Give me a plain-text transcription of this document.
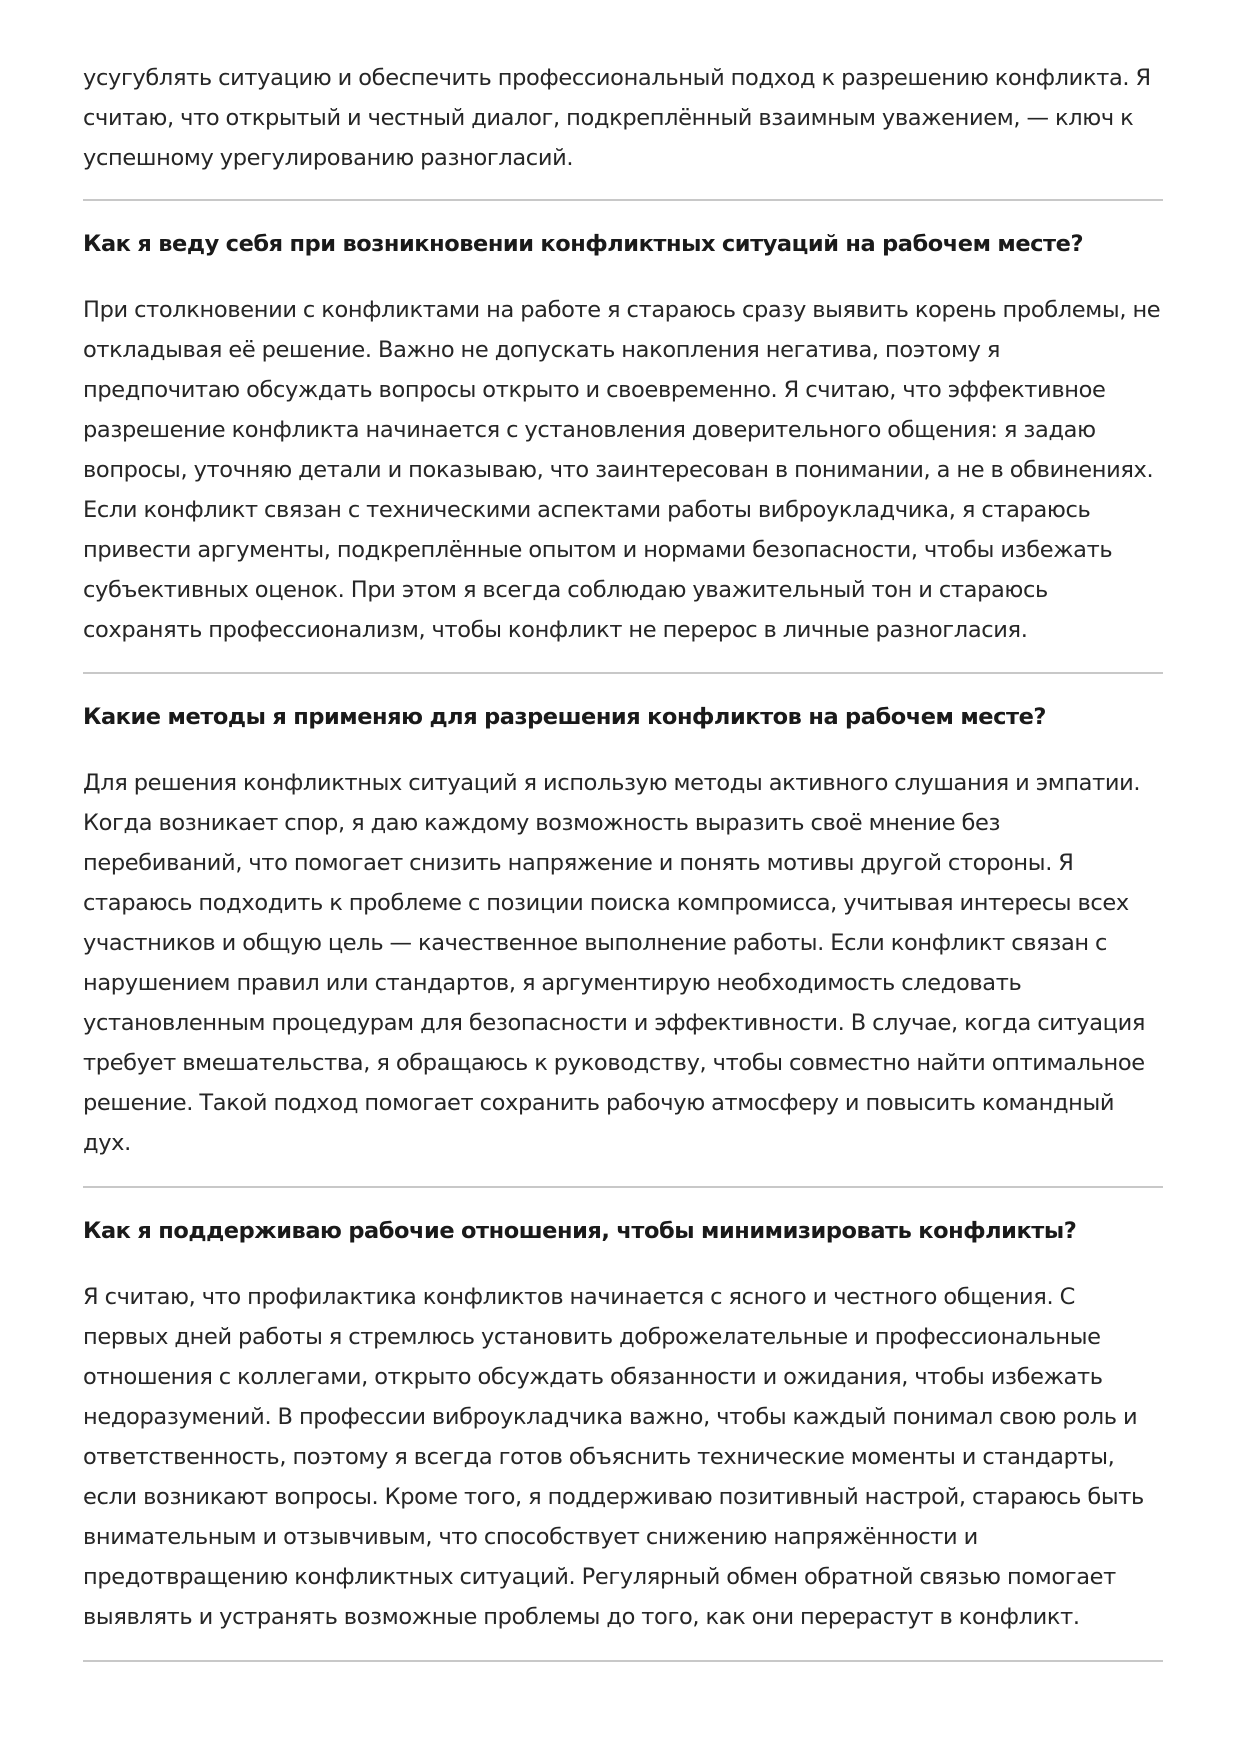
усугублять ситуацию и обеспечить профессиональный подход к разрешению конфликта. Я считаю, что открытый и честный диалог, подкреплённый взаимным уважением, — ключ к успешному урегулированию разногласий.

Как я веду себя при возникновении конфликтных ситуаций на рабочем месте?

При столкновении с конфликтами на работе я стараюсь сразу выявить корень проблемы, не откладывая её решение. Важно не допускать накопления негатива, поэтому я предпочитаю обсуждать вопросы открыто и своевременно. Я считаю, что эффективное разрешение конфликта начинается с установления доверительного общения: я задаю вопросы, уточняю детали и показываю, что заинтересован в понимании, а не в обвинениях. Если конфликт связан с техническими аспектами работы виброукладчика, я стараюсь привести аргументы, подкреплённые опытом и нормами безопасности, чтобы избежать субъективных оценок. При этом я всегда соблюдаю уважительный тон и стараюсь сохранять профессионализм, чтобы конфликт не перерос в личные разногласия.

Какие методы я применяю для разрешения конфликтов на рабочем месте?

Для решения конфликтных ситуаций я использую методы активного слушания и эмпатии. Когда возникает спор, я даю каждому возможность выразить своё мнение без перебиваний, что помогает снизить напряжение и понять мотивы другой стороны. Я стараюсь подходить к проблеме с позиции поиска компромисса, учитывая интересы всех участников и общую цель — качественное выполнение работы. Если конфликт связан с нарушением правил или стандартов, я аргументирую необходимость следовать установленным процедурам для безопасности и эффективности. В случае, когда ситуация требует вмешательства, я обращаюсь к руководству, чтобы совместно найти оптимальное решение. Такой подход помогает сохранить рабочую атмосферу и повысить командный дух.

Как я поддерживаю рабочие отношения, чтобы минимизировать конфликты?

Я считаю, что профилактика конфликтов начинается с ясного и честного общения. С первых дней работы я стремлюсь установить доброжелательные и профессиональные отношения с коллегами, открыто обсуждать обязанности и ожидания, чтобы избежать недоразумений. В профессии виброукладчика важно, чтобы каждый понимал свою роль и ответственность, поэтому я всегда готов объяснить технические моменты и стандарты, если возникают вопросы. Кроме того, я поддерживаю позитивный настрой, стараюсь быть внимательным и отзывчивым, что способствует снижению напряжённости и предотвращению конфликтных ситуаций. Регулярный обмен обратной связью помогает выявлять и устранять возможные проблемы до того, как они перерастут в конфликт.
